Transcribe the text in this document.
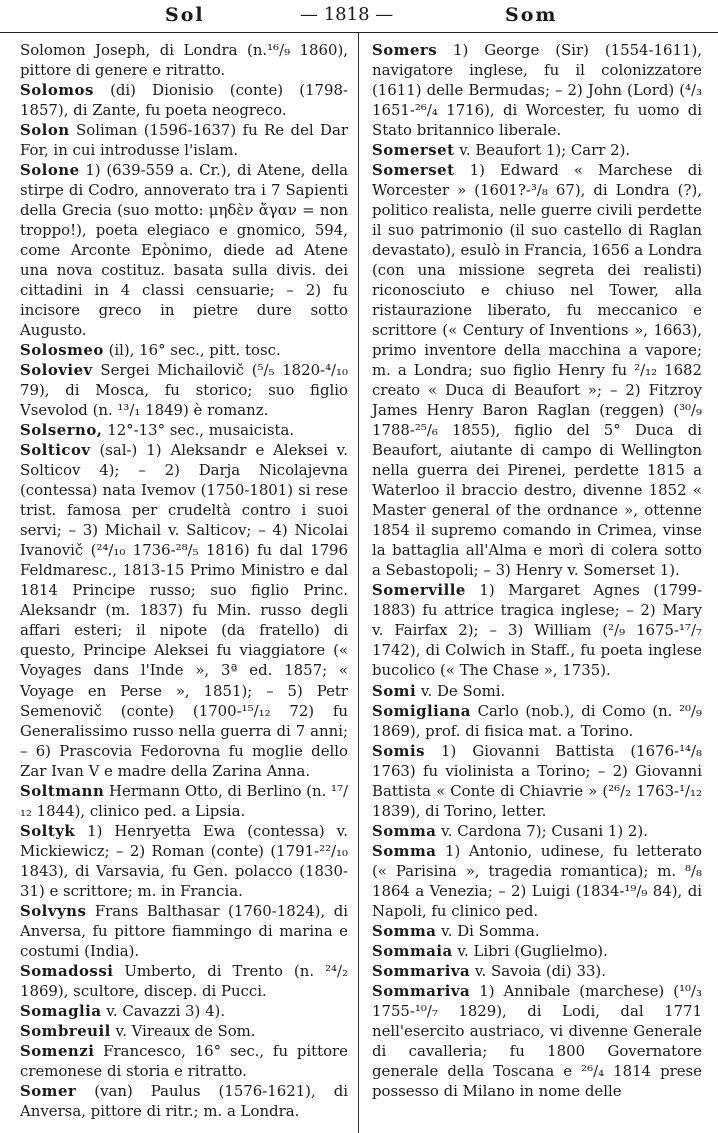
Sol	— 1818 —	Som

Solomon Joseph, di Londra (n.¹⁶/₉ 1860), pittore di genere e ritratto.

Solomos (di) Dionisio (conte) (1798-1857), di Zante, fu poeta neogreco.

Solon Soliman (1596-1637) fu Re del Dar For, in cui introdusse l'islam.

Solone 1) (639-559 a. Cr.), di Atene, della stirpe di Codro, annoverato tra i 7 Sapienti della Grecia (suo motto: μηδὲν ἄγαν = non troppo!), poeta elegiaco e gnomico, 594, come Arconte Epònimo, diede ad Atene una nova costituz. basata sulla divis. dei cittadini in 4 classi censuarie; – 2) fu incisore greco in pietre dure sotto Augusto.

Solosmeo (il), 16° sec., pitt. tosc.

Soloviev Sergei Michailovič (⁵/₅ 1820-⁴/₁₀ 79), di Mosca, fu storico; suo figlio Vsevolod (n. ¹³/₁ 1849) è romanz.

Solserno, 12°-13° sec., musaicista.

Solticov (sal-) 1) Aleksandr e Aleksei v. Solticov 4); – 2) Darja Nicolajevna (contessa) nata Ivemov (1750-1801) si rese trist. famosa per crudeltà contro i suoi servi; – 3) Michail v. Salticov; – 4) Nicolai Ivanovič (²⁴/₁₀ 1736-²⁸/₅ 1816) fu dal 1796 Feldmaresc., 1813-15 Primo Ministro e dal 1814 Principe russo; suo figlio Princ. Aleksandr (m. 1837) fu Min. russo degli affari esteri; il nipote (da fratello) di questo, Principe Aleksei fu viaggiatore (« Voyages dans l'Inde », 3ª ed. 1857; « Voyage en Perse », 1851); – 5) Petr Semenovič (conte) (1700-¹⁵/₁₂ 72) fu Generalissimo russo nella guerra di 7 anni; – 6) Prascovia Fedorovna fu moglie dello Zar Ivan V e madre della Zarina Anna.

Soltmann Hermann Otto, di Berlino (n. ¹⁷/₁₂ 1844), clinico ped. a Lipsia.

Soltyk 1) Henryetta Ewa (contessa) v. Mickiewicz; – 2) Roman (conte) (1791-²²/₁₀ 1843), di Varsavia, fu Gen. polacco (1830-31) e scrittore; m. in Francia.

Solvyns Frans Balthasar (1760-1824), di Anversa, fu pittore fiammingo di marina e costumi (India).

Somadossi Umberto, di Trento (n. ²⁴/₂ 1869), scultore, discep. di Pucci.

Somaglia v. Cavazzi 3) 4).

Sombreuil v. Vireaux de Som.

Somenzi Francesco, 16° sec., fu pittore cremonese di storia e ritratto.

Somer (van) Paulus (1576-1621), di Anversa, pittore di ritr.; m. a Londra.

Somers 1) George (Sir) (1554-1611), navigatore inglese, fu il colonizzatore (1611) delle Bermudas; – 2) John (Lord) (⁴/₃ 1651-²⁶/₄ 1716), di Worcester, fu uomo di Stato britannico liberale.

Somerset v. Beaufort 1); Carr 2).

Somerset 1) Edward « Marchese di Worcester » (1601?-³/₈ 67), di Londra (?), politico realista, nelle guerre civili perdette il suo patrimonio (il suo castello di Raglan devastato), esulò in Francia, 1656 a Londra (con una missione segreta dei realisti) riconosciuto e chiuso nel Tower, alla ristaurazione liberato, fu meccanico e scrittore (« Century of Inventions », 1663), primo inventore della macchina a vapore; m. a Londra; suo figlio Henry fu ²/₁₂ 1682 creato « Duca di Beaufort »; – 2) Fitzroy James Henry Baron Raglan (reggen) (³⁰/₉ 1788-²⁵/₆ 1855), figlio del 5° Duca di Beaufort, aiutante di campo di Wellington nella guerra dei Pirenei, perdette 1815 a Waterloo il braccio destro, divenne 1852 « Master general of the ordnance », ottenne 1854 il supremo comando in Crimea, vinse la battaglia all'Alma e morì di colera sotto a Sebastopoli; – 3) Henry v. Somerset 1).

Somerville 1) Margaret Agnes (1799-1883) fu attrice tragica inglese; – 2) Mary v. Fairfax 2); – 3) William (²/₉ 1675-¹⁷/₇ 1742), di Colwich in Staff., fu poeta inglese bucolico (« The Chase », 1735).

Somi v. De Somi.

Somigliana Carlo (nob.), di Como (n. ²⁰/₉ 1869), prof. di fisica mat. a Torino.

Somis 1) Giovanni Battista (1676-¹⁴/₈ 1763) fu violinista a Torino; – 2) Giovanni Battista « Conte di Chiavrie » (²⁶/₂ 1763-¹/₁₂ 1839), di Torino, letter.

Somma v. Cardona 7); Cusani 1) 2).

Somma 1) Antonio, udinese, fu letterato (« Parisina », tragedia romantica); m. ⁸/₈ 1864 a Venezia; – 2) Luigi (1834-¹⁹/₉ 84), di Napoli, fu clinico ped.

Somma v. Di Somma.

Sommaia v. Libri (Guglielmo).

Sommariva v. Savoia (di) 33).

Sommariva 1) Annibale (marchese) (¹⁰/₃ 1755-¹⁰/₇ 1829), di Lodi, dal 1771 nell'esercito austriaco, vi divenne Generale di cavalleria; fu 1800 Governatore generale della Toscana e ²⁶/₄ 1814 prese possesso di Milano in nome delle
